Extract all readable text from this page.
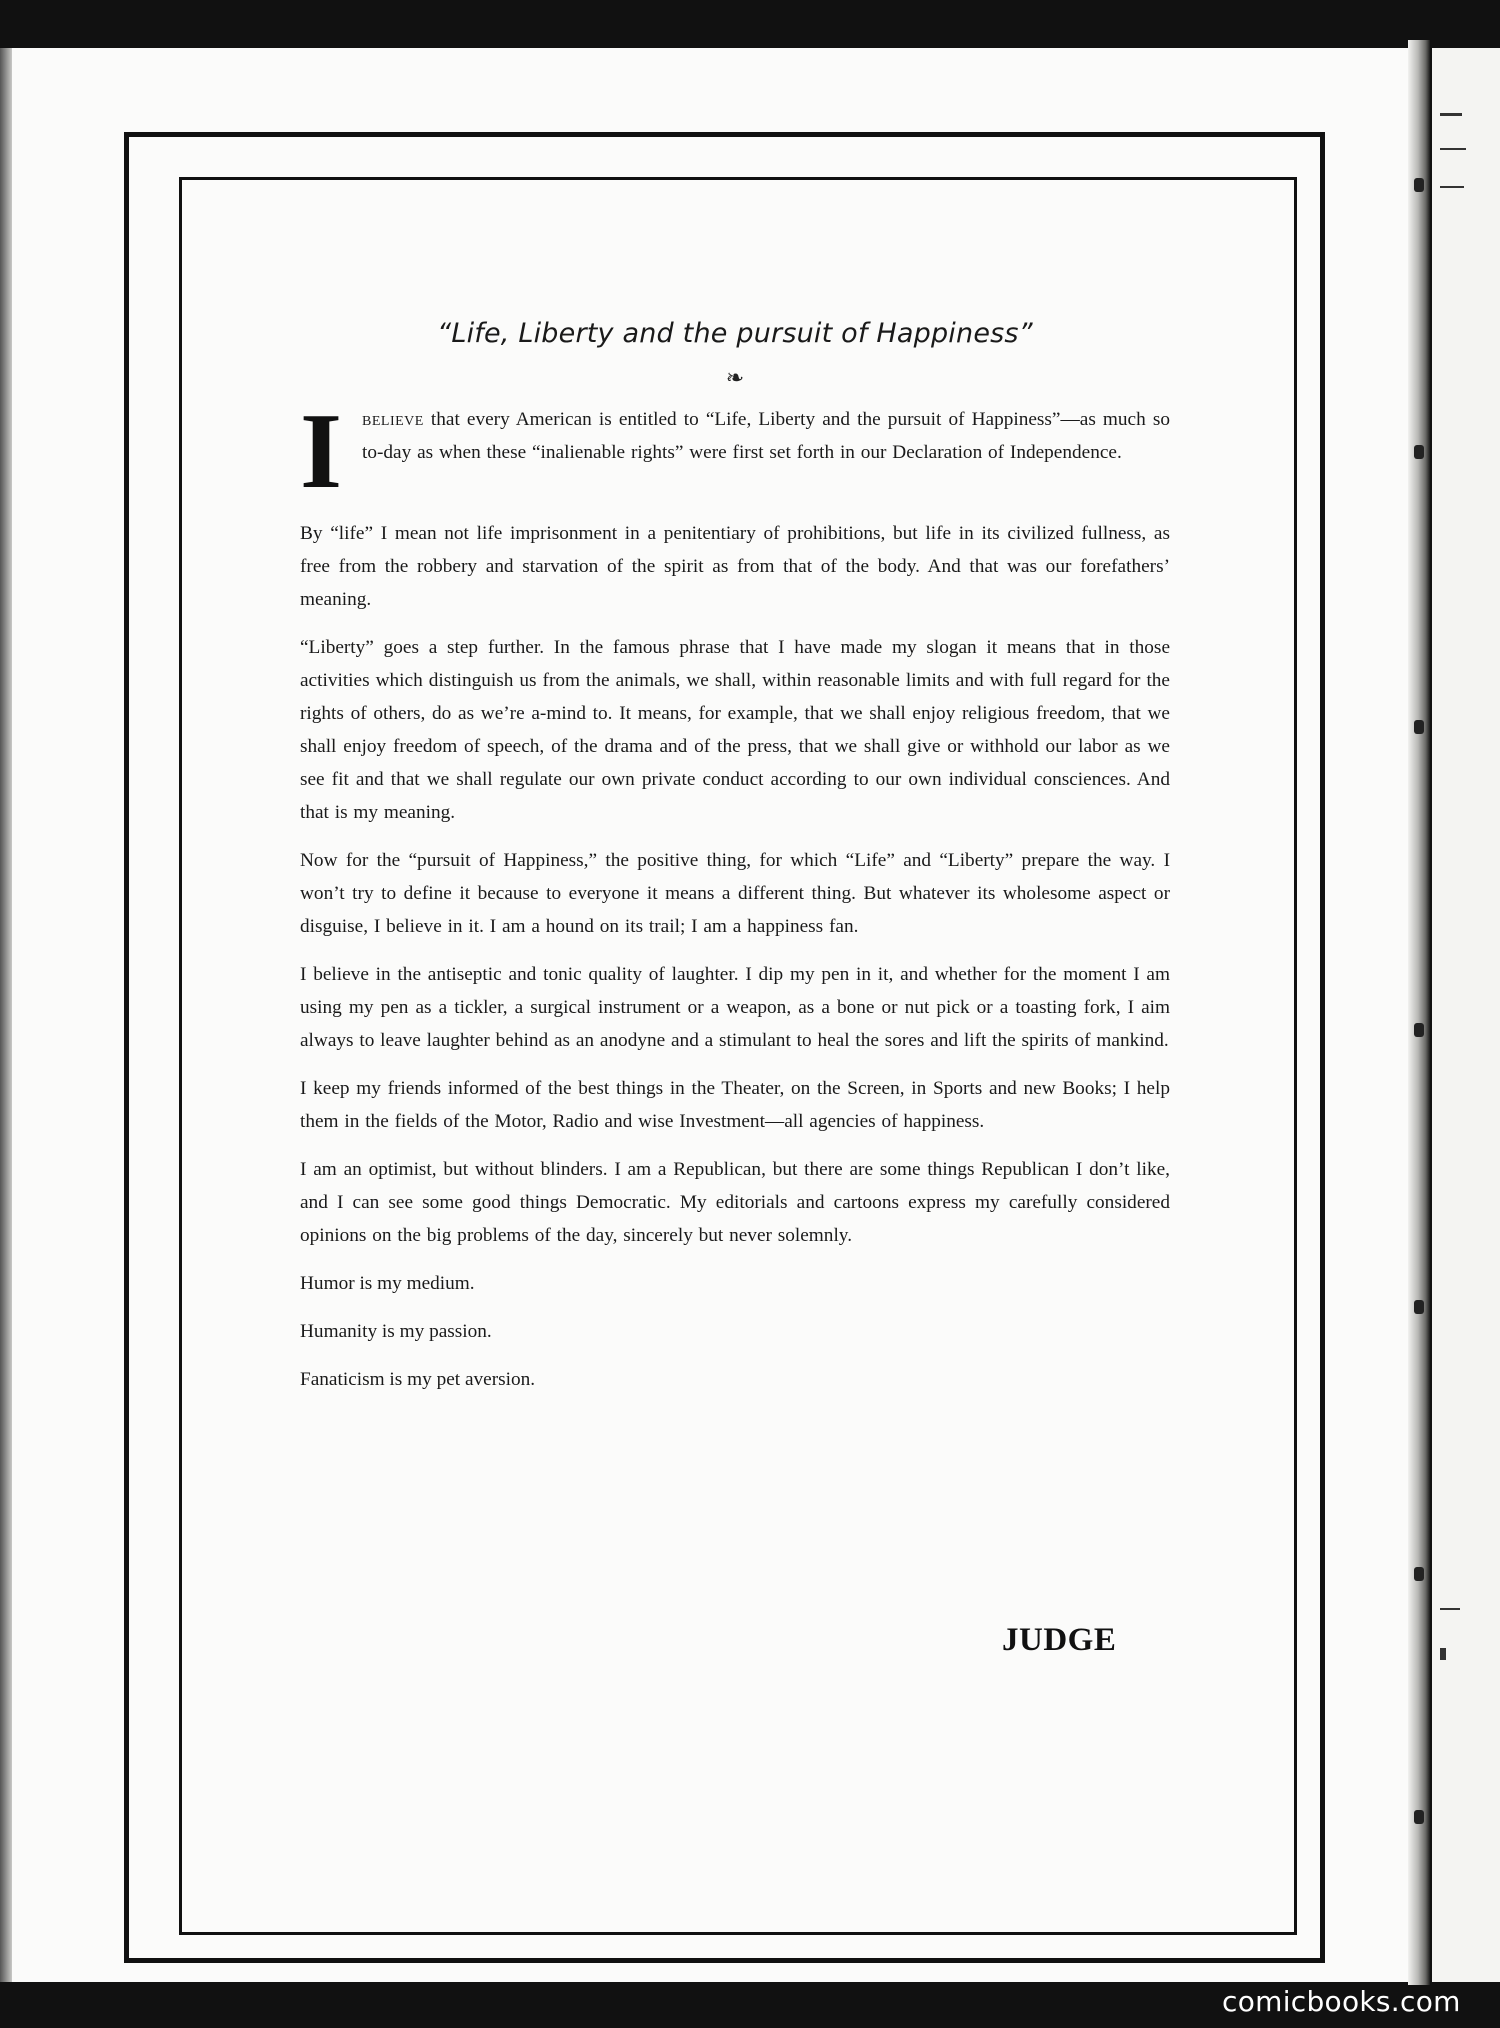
“Life, Liberty and the pursuit of Happiness”
❧

I believe that every American is entitled to “Life, Liberty and the pursuit of Happiness”—as much so to-day as when these “inalienable rights” were first set forth in our Declaration of Independence.

By “life” I mean not life imprisonment in a penitentiary of prohibitions, but life in its civilized fullness, as free from the robbery and starvation of the spirit as from that of the body. And that was our forefathers’ meaning.

“Liberty” goes a step further. In the famous phrase that I have made my slogan it means that in those activities which distinguish us from the animals, we shall, within reasonable limits and with full regard for the rights of others, do as we’re a-mind to. It means, for example, that we shall enjoy religious freedom, that we shall enjoy freedom of speech, of the drama and of the press, that we shall give or withhold our labor as we see fit and that we shall regulate our own private conduct according to our own individual consciences. And that is my meaning.

Now for the “pursuit of Happiness,” the positive thing, for which “Life” and “Liberty” prepare the way. I won’t try to define it because to everyone it means a different thing. But whatever its wholesome aspect or disguise, I believe in it. I am a hound on its trail; I am a happiness fan.

I believe in the antiseptic and tonic quality of laughter. I dip my pen in it, and whether for the moment I am using my pen as a tickler, a surgical instrument or a weapon, as a bone or nut pick or a toasting fork, I aim always to leave laughter behind as an anodyne and a stimulant to heal the sores and lift the spirits of mankind.

I keep my friends informed of the best things in the Theater, on the Screen, in Sports and new Books; I help them in the fields of the Motor, Radio and wise Investment—all agencies of happiness.

I am an optimist, but without blinders. I am a Republican, but there are some things Republican I don’t like, and I can see some good things Democratic. My editorials and cartoons express my carefully considered opinions on the big problems of the day, sincerely but never solemnly.

Humor is my medium.

Humanity is my passion.

Fanaticism is my pet aversion.

JUDGE
comicbooks.com
